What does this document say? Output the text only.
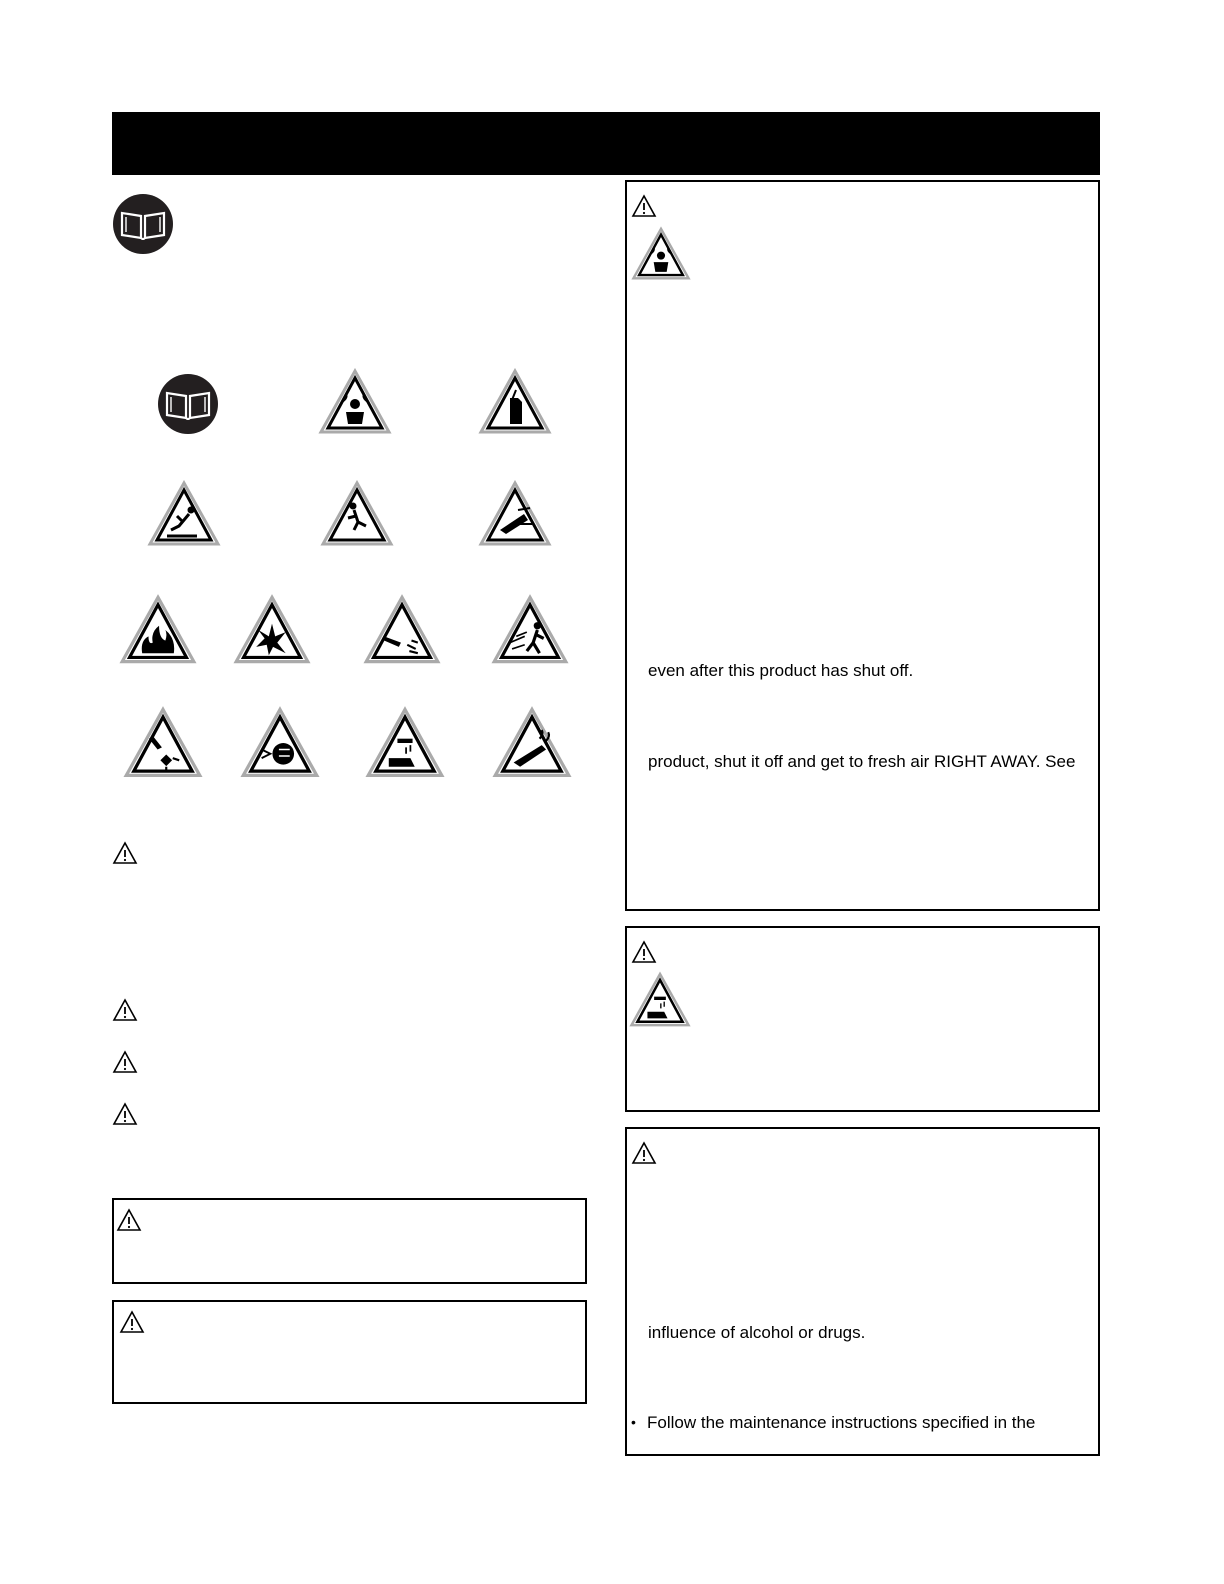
even after this product has shut off.
product, shut it off and get to fresh air RIGHT AWAY. See
influence of alcohol or drugs.
• Follow the maintenance instructions specified in the
